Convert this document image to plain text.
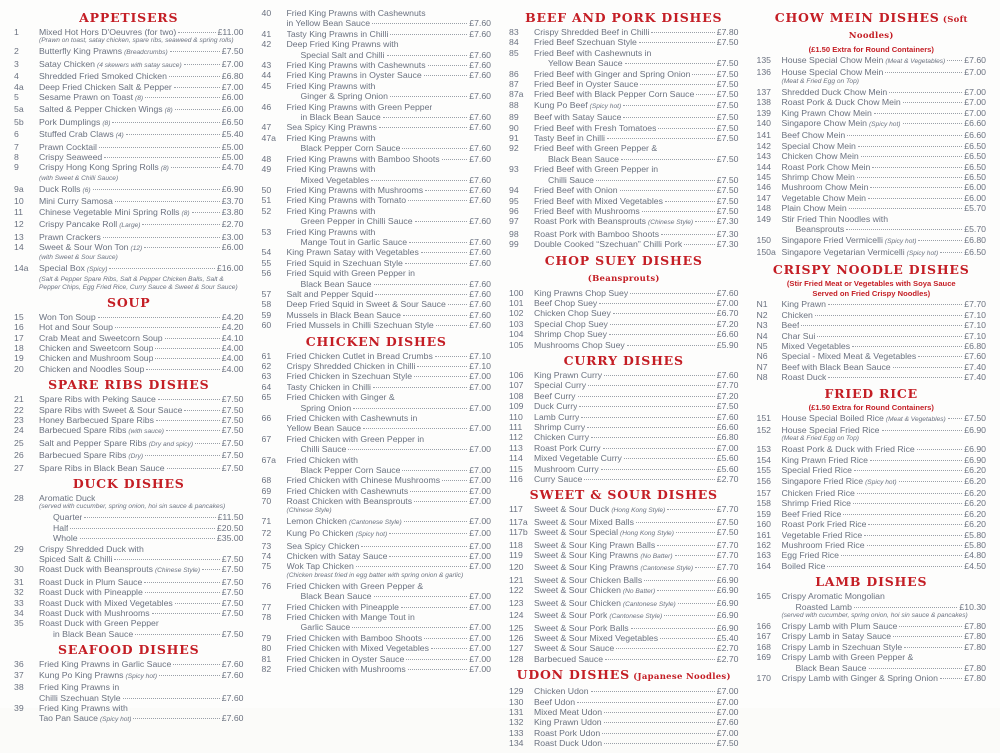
APPETISERS
1	Mixed Hot Hors D'Oeuvres (for two)	£11.00
(Prawn on toast, satay chicken, spare ribs, seaweed & spring rolls)
2	Butterfly King Prawns (Breadcrumbs)	£7.50
3	Satay Chicken (4 skewers with satay sauce)	£7.00
4	Shredded Fried Smoked Chicken	£6.80
4a	Deep Fried Chicken Salt & Pepper	£7.00
5	Sesame Prawn on Toast (8)	£6.00
5a	Salted & Pepper Chicken Wings (8)	£6.00
5b	Pork Dumplings (8)	£6.50
6	Stuffed Crab Claws (4)	£5.40
7	Prawn Cocktail	£5.00
8	Crispy Seaweed	£5.00
9	Crispy Hong Kong Spring Rolls (8)	£4.70
(with Sweet & Chilli Sauce)
9a	Duck Rolls (6)	£6.90
10	Mini Curry Samosa	£3.70
11	Chinese Vegetable Mini Spring Rolls (8)	£3.80
12	Crispy Pancake Roll (Large)	£2.70
13	Prawn Crackers	£3.00
14	Sweet & Sour Won Ton (12)	£6.00
(with Sweet & Sour Sauce)
14a	Special Box (Spicy)	£16.00
(Salt & Pepper Spare Ribs, Salt & Pepper Chicken Balls, Salt & Pepper Chips, Egg Fried Rice, Curry Sauce & Sweet & Sour Sauce)
SOUP
15	Won Ton Soup	£4.20
16	Hot and Sour Soup	£4.20
17	Crab Meat and Sweetcorn Soup	£4.10
18	Chicken and Sweetcorn Soup	£4.00
19	Chicken and Mushroom Soup	£4.00
20	Chicken and Noodles Soup	£4.00
SPARE RIBS DISHES
21	Spare Ribs with Peking Sauce	£7.50
22	Spare Ribs with Sweet & Sour Sauce	£7.50
23	Honey Barbecued Spare Ribs	£7.50
24	Barbecued Spare Ribs (with sauce)	£7.50
25	Salt and Pepper Spare Ribs (Dry and spicy)	£7.50
26	Barbecued Spare Ribs (Dry)	£7.50
27	Spare Ribs in Black Bean Sauce	£7.50
DUCK DISHES
28	Aromatic Duck
(served with cucumber, spring onion, hoi sin sauce & pancakes)
Quarter	£11.50
Half	£20.50
Whole	£35.00
29	Crispy Shredded Duck with
Spiced Salt & Chilli	£7.50
30	Roast Duck with Beansprouts (Chinese Style) £7.50
31	Roast Duck in Plum Sauce	£7.50
32	Roast Duck with Pineapple	£7.50
33	Roast Duck with Mixed Vegetables	£7.50
34	Roast Duck with Mushrooms	£7.50
35	Roast Duck with Green Pepper
in Black Bean Sauce	£7.50
SEAFOOD DISHES
36	Fried King Prawns in Garlic Sauce	£7.60
37	Kung Po King Prawns (Spicy hot)	£7.60
38	Fried King Prawns in
Chilli Szechuan Style	£7.60
39	Fried King Prawns with
Tao Pan Sauce (Spicy hot)	£7.60
40	Fried King Prawns with Cashewnuts
in Yellow Bean Sauce	£7.60
41	Tasty King Prawns in Chilli	£7.60
42	Deep Fried King Prawns with
Special Salt and Chilli	£7.60
43	Fried King Prawns with Cashewnuts	£7.60
44	Fried King Prawns in Oyster Sauce	£7.60
45	Fried King Prawns with
Ginger & Spring Onion	£7.60
46	Fried King Prawns with Green Pepper
in Black Bean Sauce	£7.60
47	Sea Spicy King Prawns	£7.60
47a	Fried King Prawns with
Black Pepper Corn Sauce	£7.60
48	Fried King Prawns with Bamboo Shoots	£7.60
49	Fried King Prawns with
Mixed Vegetables	£7.60
50	Fried King Prawns with Mushrooms	£7.60
51	Fried King Prawns with Tomato	£7.60
52	Fried King Prawns with
Green Pepper in Chilli Sauce	£7.60
53	Fried King Prawns with
Mange Tout in Garlic Sauce	£7.60
54	King Prawn Satay with Vegetables	£7.60
55	Fried Squid in Szechuan Style	£7.60
56	Fried Squid with Green Pepper in
Black Bean Sauce	£7.60
57	Salt and Pepper Squid	£7.60
58	Deep Fried Squid in Sweet & Sour Sauce	£7.60
59	Mussels in Black Bean Sauce	£7.60
60	Fried Mussels in Chilli Szechuan Style	£7.60
CHICKEN DISHES
61	Fried Chicken Cutlet in Bread Crumbs	£7.10
62	Crispy Shredded Chicken in Chilli	£7.10
63	Fried Chicken in Szechuan Style	£7.00
64	Tasty Chicken in Chilli	£7.00
65	Fried Chicken with Ginger &
Spring Onion	£7.00
66	Fried Chicken with Cashewnuts in
Yellow Bean Sauce	£7.00
67	Fried Chicken with Green Pepper in
Chilli Sauce	£7.00
67a	Fried Chicken with
Black Pepper Corn Sauce	£7.00
68	Fried Chicken with Chinese Mushrooms	£7.00
69	Fried Chicken with Cashewnuts	£7.00
70	Roast Chicken with Beansprouts	£7.00
(Chinese Style)
71	Lemon Chicken (Cantonese Style)	£7.00
72	Kung Po Chicken (Spicy hot)	£7.00
73	Sea Spicy Chicken	£7.00
74	Chicken with Satay Sauce	£7.00
75	Wok Tap Chicken	£7.00
(Chicken breast fried in egg batter with spring onion & garlic)
76	Fried Chicken with Green Pepper &
Black Bean Sauce	£7.00
77	Fried Chicken with Pineapple	£7.00
78	Fried Chicken with Mange Tout in
Garlic Sauce	£7.00
79	Fried Chicken with Bamboo Shoots	£7.00
80	Fried Chicken with Mixed Vegetables	£7.00
81	Fried Chicken in Oyster Sauce	£7.00
82	Fried Chicken with Mushrooms	£7.00
BEEF AND PORK DISHES
83	Crispy Shredded Beef in Chilli	£7.80
84	Fried Beef Szechuan Style	£7.50
85	Fried Beef with Cashewnuts in
Yellow Bean Sauce	£7.50
86	Fried Beef with Ginger and Spring Onion	£7.50
87	Fried Beef in Oyster Sauce	£7.50
87a	Fried Beef with Black Pepper Corn Sauce	£7.50
88	Kung Po Beef (Spicy hot)	£7.50
89	Beef with Satay Sauce	£7.50
90	Fried Beef with Fresh Tomatoes	£7.50
91	Tasty Beef in Chilli	£7.50
92	Fried Beef with Green Pepper &
Black Bean Sauce	£7.50
93	Fried Beef with Green Pepper in
Chilli Sauce	£7.50
94	Fried Beef with Onion	£7.50
95	Fried Beef with Mixed Vegetables	£7.50
96	Fried Beef with Mushrooms	£7.50
97	Roast Pork with Beansprouts (Chinese Style)	£7.30
98	Roast Pork with Bamboo Shoots	£7.30
99	Double Cooked “Szechuan” Chilli Pork	£7.30
CHOP SUEY DISHES (Beansprouts)
100	King Prawns Chop Suey	£7.60
101	Beef Chop Suey	£7.00
102	Chicken Chop Suey	£6.70
103	Special Chop Suey	£7.20
104	Shrimp Chop Suey	£6.60
105	Mushrooms Chop Suey	£5.90
CURRY DISHES
106	King Prawn Curry	£7.60
107	Special Curry	£7.70
108	Beef Curry	£7.20
109	Duck Curry	£7.50
110	Lamb Curry	£7.60
111	Shrimp Curry	£6.60
112	Chicken Curry	£6.80
113	Roast Pork Curry	£7.00
114	Mixed Vegetable Curry	£5.60
115	Mushroom Curry	£5.60
116	Curry Sauce	£2.70
SWEET & SOUR DISHES
117	Sweet & Sour Duck (Hong Kong Style)	£7.70
117a Sweet & Sour Mixed Balls	£7.50
117b Sweet & Sour Special (Hong Kong Style)	£7.50
118	Sweet & Sour King Prawn Balls	£7.70
119	Sweet & Sour King Prawns (No Batter)	£7.70
120	Sweet & Sour King Prawns (Cantonese Style)	£7.70
121	Sweet & Sour Chicken Balls	£6.90
122	Sweet & Sour Chicken (No Batter)	£6.90
123	Sweet & Sour Chicken (Cantonese Style)	£6.90
124	Sweet & Sour Pork (Cantonese Style)	£6.90
125	Sweet & Sour Pork Balls	£6.90
126	Sweet & Sour Mixed Vegetables	£5.40
127	Sweet & Sour Sauce	£2.70
128	Barbecued Sauce	£2.70
UDON DISHES (Japanese Noodles)
129	Chicken Udon	£7.00
130	Beef Udon	£7.00
131	Mixed Meat Udon	£7.00
132	King Prawn Udon	£7.60
133	Roast Pork Udon	£7.00
134	Roast Duck Udon	£7.50
CHOW MEIN DISHES (Soft Noodles)
(£1.50 Extra for Round Containers)
135	House Special Chow Mein (Meat & Vegetables) £7.60
136	House Special Chow Mein	£7.00
(Meat & Fried Egg on Top)
137	Shredded Duck Chow Mein	£7.00
138	Roast Pork & Duck Chow Mein	£7.00
139	King Prawn Chow Mein	£7.00
140	Singapore Chow Mein (Spicy hot)	£6.60
141	Beef Chow Mein	£6.60
142	Special Chow Mein	£6.50
143	Chicken Chow Mein	£6.50
144	Roast Pork Chow Mein	£6.50
145	Shrimp Chow Mein	£6.50
146	Mushroom Chow Mein	£6.00
147	Vegetable Chow Mein	£6.00
148	Plain Chow Mein	£5.70
149	Stir Fried Thin Noodles with
Beansprouts	£5.70
150	Singapore Fried Vermicelli (Spicy hot)	£6.80
150a Singapore Vegetarian Vermicelli (Spicy hot)	£6.50
CRISPY NOODLE DISHES
(Stir Fried Meat or Vegetables with Soya Sauce
Served on Fried Crispy Noodles)
N1	King Prawn	£7.70
N2	Chicken	£7.10
N3	Beef	£7.10
N4	Char Sui	£7.10
N5	Mixed Vegetables	£6.80
N6	Special - Mixed Meat & Vegetables	£7.60
N7	Beef with Black Bean Sauce	£7.40
N8	Roast Duck	£7.40
FRIED RICE
(£1.50 Extra for Round Containers)
151	House Special Boiled Rice (Meat & Vegetables) £7.50
152	House Special Fried Rice	£6.90
(Meat & Fried Egg on Top)
153	Roast Pork & Duck with Fried Rice	£6.90
154	King Prawn Fried Rice	£6.90
155	Special Fried Rice	£6.20
156	Singapore Fried Rice (Spicy hot)	£6.20
157	Chicken Fried Rice	£6.20
158	Shrimp Fried Rice	£6.20
159	Beef Fried Rice	£6.20
160	Roast Pork Fried Rice	£6.20
161	Vegetable Fried Rice	£5.80
162	Mushroom Fried Rice	£5.80
163	Egg Fried Rice	£4.80
164	Boiled Rice	£4.50
LAMB DISHES
165	Crispy Aromatic Mongolian
Roasted Lamb	£10.30
(served with cucumber, spring onion, hoi sin sauce & pancakes)
166	Crispy Lamb with Plum Sauce	£7.80
167	Crispy Lamb in Satay Sauce	£7.80
168	Crispy Lamb in Szechuan Style	£7.80
169	Crispy Lamb with Green Pepper &
Black Bean Sauce	£7.80
170	Crispy Lamb with Ginger & Spring Onion	£7.80
